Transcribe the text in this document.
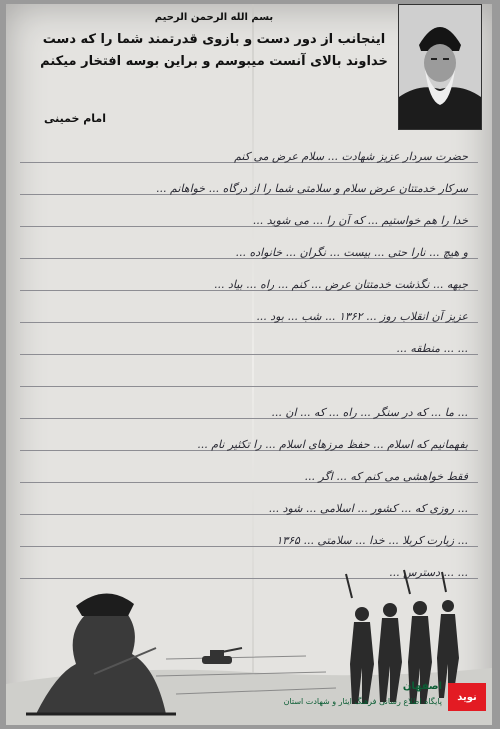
بسم الله الرحمن الرحیم
اینجانب از دور دست و بازوی قدرتمند شما را که دست
خداوند بالای آنست میبوسم و براین بوسه افتخار میکنم
امام خمینی
حضرت سردار عزیز شهادت ... سلام عرض می کنم
سرکار خدمتتان عرض سلام و سلامتی شما را از درگاه ... خواهانم ...
خدا را هم خواستیم ... که آن را ... می شوید ...
و هیچ ... نارا حتی ... بیست ... نگران ... خانواده ...
جبهه ... نگذشت خدمتتان عرض ... کنم ... راه ... بیاد ...
عزیز آن انقلاب روز ... ۱۳۶۲ ... شب ... بود ...
... ... منطقه ...
... ما ... که در سنگر ... راه ... که ... ان ...
بفهمانیم که اسلام ... حفظ مرزهای اسلام ... را تکثیر نام ...
فقط خواهشی می کنم که ... اگر ...
... روزی که ... کشور ... اسلامی ... شود ...
... زیارت کربلا ... خدا ... سلامتی ... ۱۳۶۵
... ... دسترس ...
نوید
اصفهان
پایگاه اطلاع رسانی فرهنگ ایثار و شهادت استان
